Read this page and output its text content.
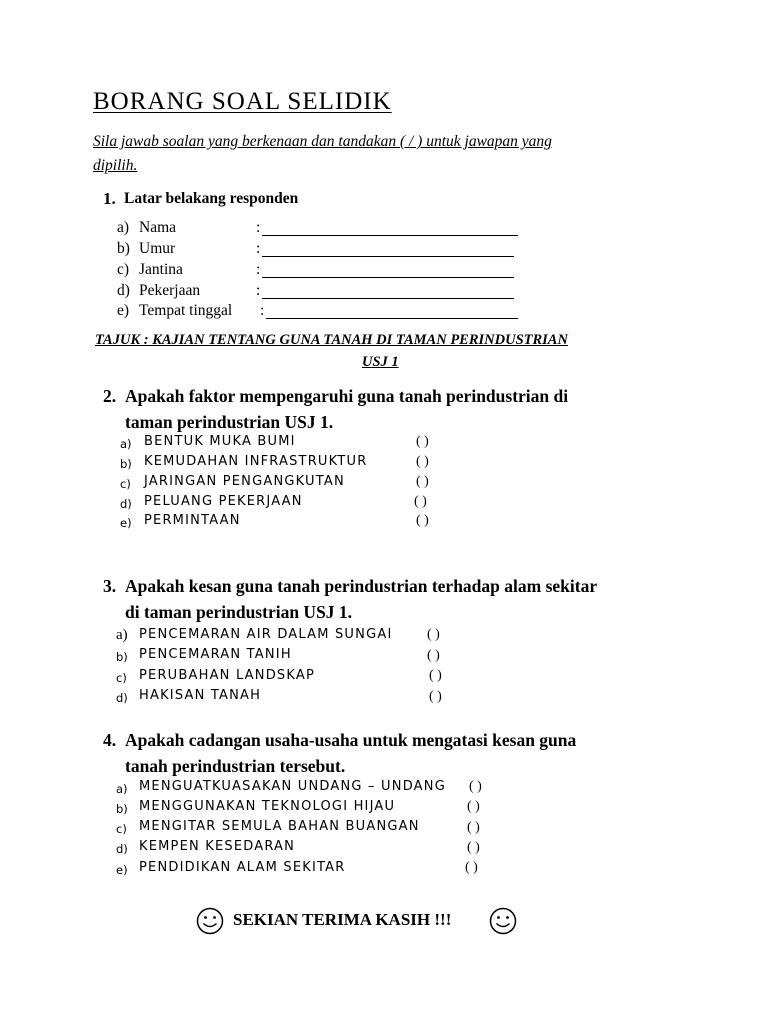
BORANG SOAL SELIDIK
Sila jawab soalan yang berkenaan dan tandakan ( / ) untuk jawapan yang
dipilih.
1. Latar belakang responden
a) Nama	:
b) Umur	:
c) Jantina	:
d) Pekerjaan	:
e) Tempat tinggal :
TAJUK : KAJIAN TENTANG GUNA TANAH DI TAMAN PERINDUSTRIAN
USJ 1
2. Apakah faktor mempengaruhi guna tanah perindustrian di
taman perindustrian USJ 1.
a) BENTUK MUKA BUMI	( )
b) KEMUDAHAN INFRASTRUKTUR	( )
c) JARINGAN PENGANGKUTAN	( )
d) PELUANG PEKERJAAN	( )
e) PERMINTAAN	( )
3. Apakah kesan guna tanah perindustrian terhadap alam sekitar
di taman perindustrian USJ 1.
a) PENCEMARAN AIR DALAM SUNGAI ( )
b) PENCEMARAN TANIH	( )
c) PERUBAHAN LANDSKAP	( )
d) HAKISAN TANAH	( )
4. Apakah cadangan usaha-usaha untuk mengatasi kesan guna
tanah perindustrian tersebut.
a) MENGUATKUASAKAN UNDANG – UNDANG ( )
b) MENGGUNAKAN TEKNOLOGI HIJAU	( )
c) MENGITAR SEMULA BAHAN BUANGAN	( )
d) KEMPEN KESEDARAN	( )
e) PENDIDIKAN ALAM SEKITAR	( )
SEKIAN TERIMA KASIH !!!
